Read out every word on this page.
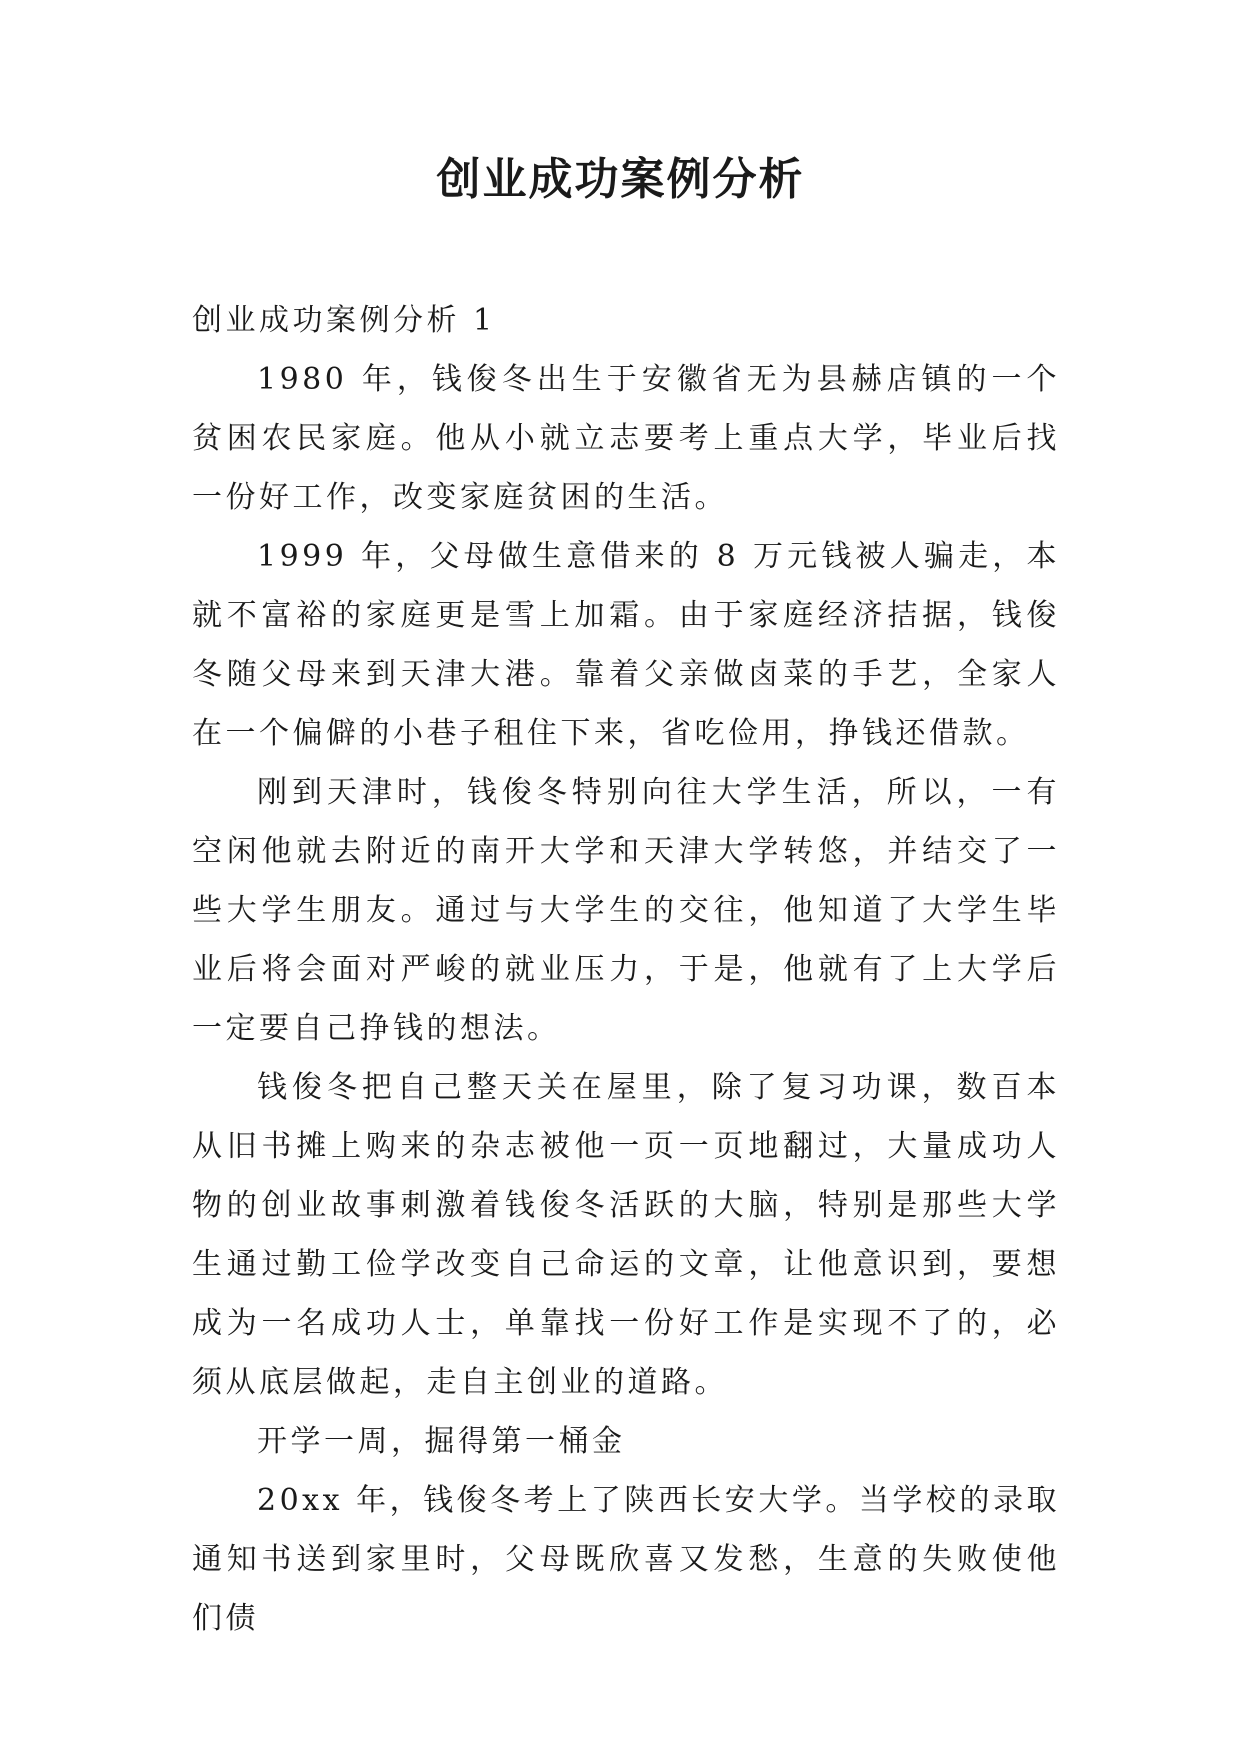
创业成功案例分析

创业成功案例分析 1

1980 年，钱俊冬出生于安徽省无为县赫店镇的一个贫困农民家庭。他从小就立志要考上重点大学，毕业后找一份好工作，改变家庭贫困的生活。

1999 年，父母做生意借来的 8 万元钱被人骗走，本就不富裕的家庭更是雪上加霜。由于家庭经济拮据，钱俊冬随父母来到天津大港。靠着父亲做卤菜的手艺，全家人在一个偏僻的小巷子租住下来，省吃俭用，挣钱还借款。

刚到天津时，钱俊冬特别向往大学生活，所以，一有空闲他就去附近的南开大学和天津大学转悠，并结交了一些大学生朋友。通过与大学生的交往，他知道了大学生毕业后将会面对严峻的就业压力，于是，他就有了上大学后一定要自己挣钱的想法。

钱俊冬把自己整天关在屋里，除了复习功课，数百本从旧书摊上购来的杂志被他一页一页地翻过，大量成功人物的创业故事刺激着钱俊冬活跃的大脑，特别是那些大学生通过勤工俭学改变自己命运的文章，让他意识到，要想成为一名成功人士，单靠找一份好工作是实现不了的，必须从底层做起，走自主创业的道路。

开学一周，掘得第一桶金

20xx 年，钱俊冬考上了陕西长安大学。当学校的录取通知书送到家里时，父母既欣喜又发愁，生意的失败使他们债
